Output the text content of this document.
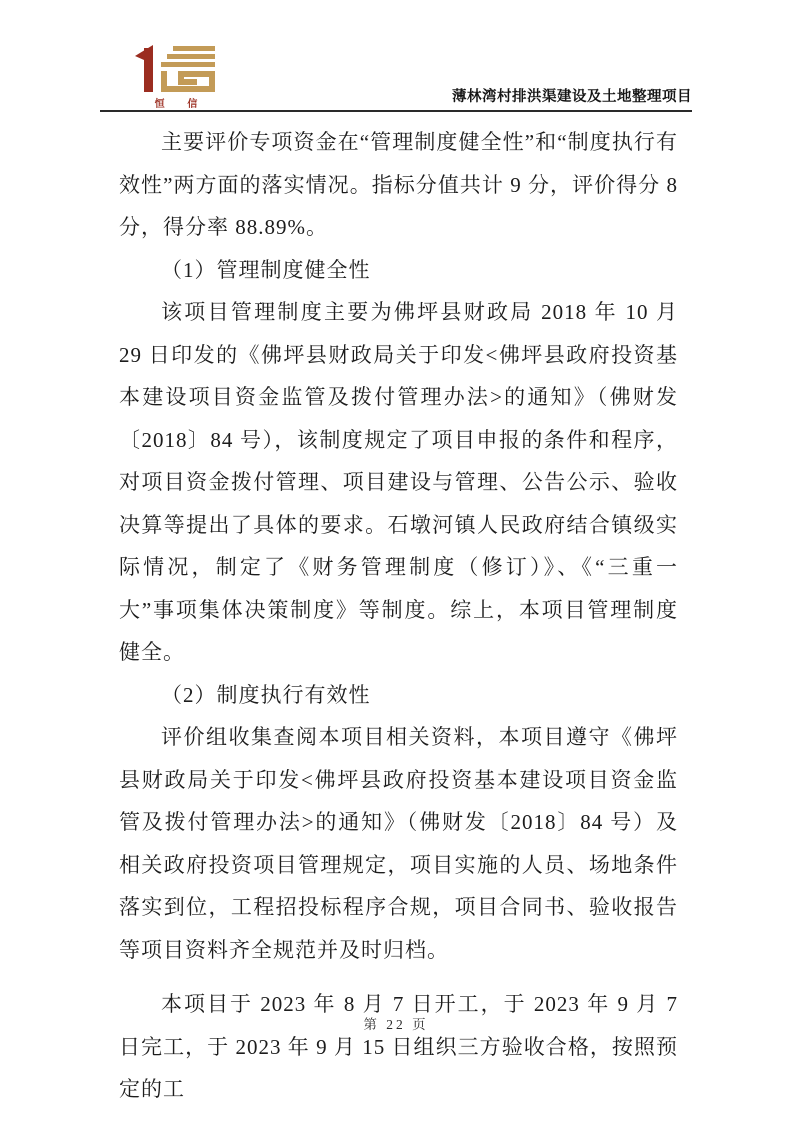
恒 信	薄林湾村排洪渠建设及土地整理项目

主要评价专项资金在“管理制度健全性”和“制度执行有效性”两方面的落实情况。指标分值共计 9 分，评价得分 8 分，得分率 88.89%。

（1）管理制度健全性

该项目管理制度主要为佛坪县财政局 2018 年 10 月 29 日印发的《佛坪县财政局关于印发<佛坪县政府投资基本建设项目资金监管及拨付管理办法>的通知》（佛财发〔2018〕84 号），该制度规定了项目申报的条件和程序，对项目资金拨付管理、项目建设与管理、公告公示、验收决算等提出了具体的要求。石墩河镇人民政府结合镇级实际情况，制定了《财务管理制度（修订）》、《“三重一大”事项集体决策制度》等制度。综上，本项目管理制度健全。

（2）制度执行有效性

评价组收集查阅本项目相关资料，本项目遵守《佛坪县财政局关于印发<佛坪县政府投资基本建设项目资金监管及拨付管理办法>的通知》（佛财发〔2018〕84 号）及相关政府投资项目管理规定，项目实施的人员、场地条件落实到位，工程招投标程序合规，项目合同书、验收报告等项目资料齐全规范并及时归档。

本项目于 2023 年 8 月 7 日开工，于 2023 年 9 月 7 日完工，于 2023 年 9 月 15 日组织三方验收合格，按照预定的工

第 22 页
